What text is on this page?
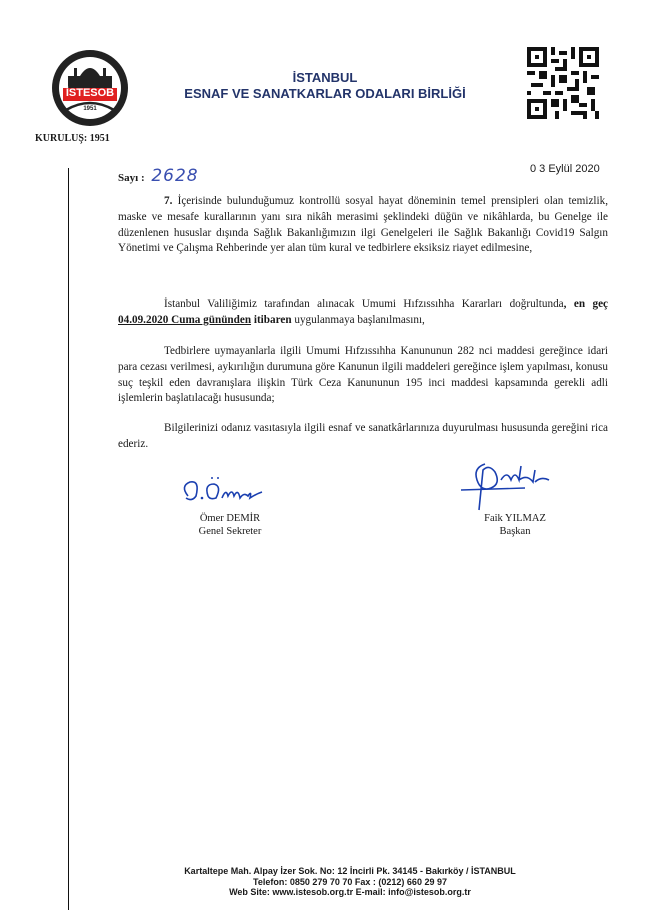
İSTESOB
1951
KURULUŞ: 1951
İSTANBUL
ESNAF VE SANATKARLAR ODALARI BİRLİĞİ
Sayı : 2628	0 3 Eylül 2020
7. İçerisinde bulunduğumuz kontrollü sosyal hayat döneminin temel prensipleri olan temizlik, maske ve mesafe kurallarının yanı sıra nikâh merasimi şeklindeki düğün ve nikâhlarda, bu Genelge ile düzenlenen hususlar dışında Sağlık Bakanlığımızın ilgi Genelgeleri ile Sağlık Bakanlığı Covid19 Salgın Yönetimi ve Çalışma Rehberinde yer alan tüm kural ve tedbirlere eksiksiz riayet edilmesine,
İstanbul Valiliğimiz tarafından alınacak Umumi Hıfzıssıhha Kararları doğrultunda, en geç 04.09.2020 Cuma gününden itibaren uygulanmaya başlanılmasını,
Tedbirlere uymayanlarla ilgili Umumi Hıfzıssıhha Kanununun 282 nci maddesi gereğince idari para cezası verilmesi, aykırılığın durumuna göre Kanunun ilgili maddeleri gereğince işlem yapılması, konusu suç teşkil eden davranışlara ilişkin Türk Ceza Kanununun 195 inci maddesi kapsamında gerekli adli işlemlerin başlatılacağı hususunda;
Bilgilerinizi odanız vasıtasıyla ilgili esnaf ve sanatkârlarınıza duyurulması hususunda gereğini rica ederiz.
Ömer DEMİR
Genel Sekreter
Faik YILMAZ
Başkan
Kartaltepe Mah. Alpay İzer Sok. No: 12 İncirli Pk. 34145 - Bakırköy / İSTANBUL
Telefon: 0850 279 70 70 Fax : (0212) 660 29 97
Web Site: www.istesob.org.tr E-mail: info@istesob.org.tr
